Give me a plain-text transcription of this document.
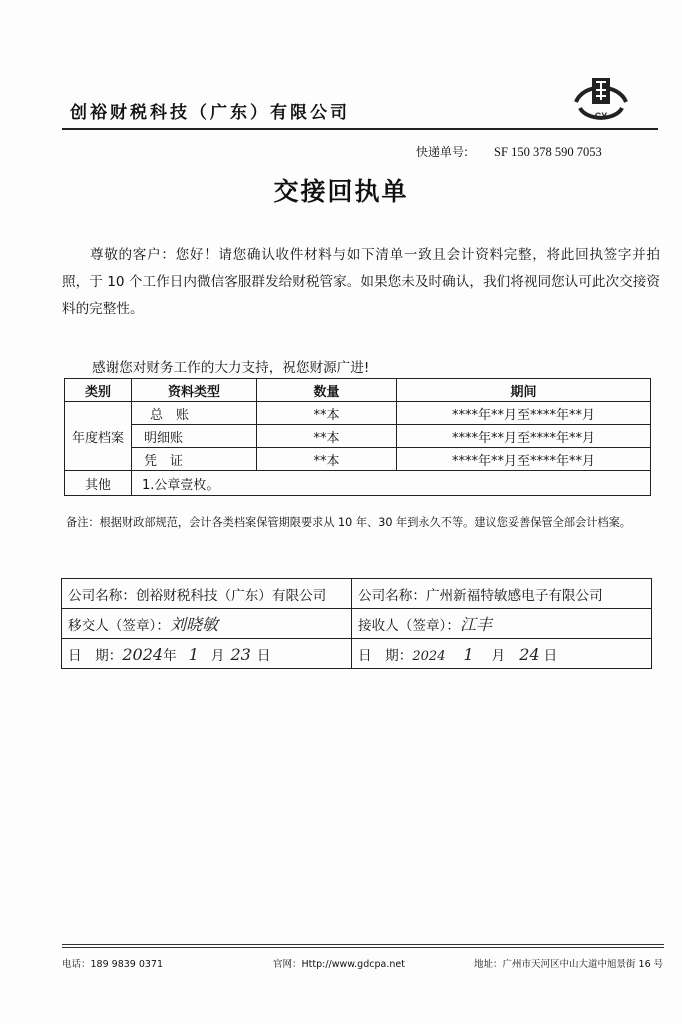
创裕财税科技（广东）有限公司	CY
快递单号: SF 150 378 590 7053
交接回执单
尊敬的客户：您好！请您确认收件材料与如下清单一致且会计资料完整，将此回执签字并拍照，于 10 个工作日内微信客服群发给财税管家。如果您未及时确认，我们将视同您认可此次交接资料的完整性。
感谢您对财务工作的大力支持，祝您财源广进!
类别	资料类型	数量	期间
年度档案	总　账	**本	****年**月至****年**月
	明细账	**本	****年**月至****年**月
	凭　证	**本	****年**月至****年**月
其他	1.公章壹枚。		
备注：根据财政部规范，会计各类档案保管期限要求从 10 年、30 年到永久不等。建议您妥善保管全部会计档案。
公司名称：创裕财税科技（广东）有限公司	公司名称：广州新福特敏感电子有限公司
移交人（签章）：刘晓敏	接收人（签章）：江丰
日　期：2024年 1 月 23 日	日　期：2024 1 月 24 日
电话：189 9839 0371	官网：Http://www.gdcpa.net	地址：广州市天河区中山大道中旭景街 16 号
